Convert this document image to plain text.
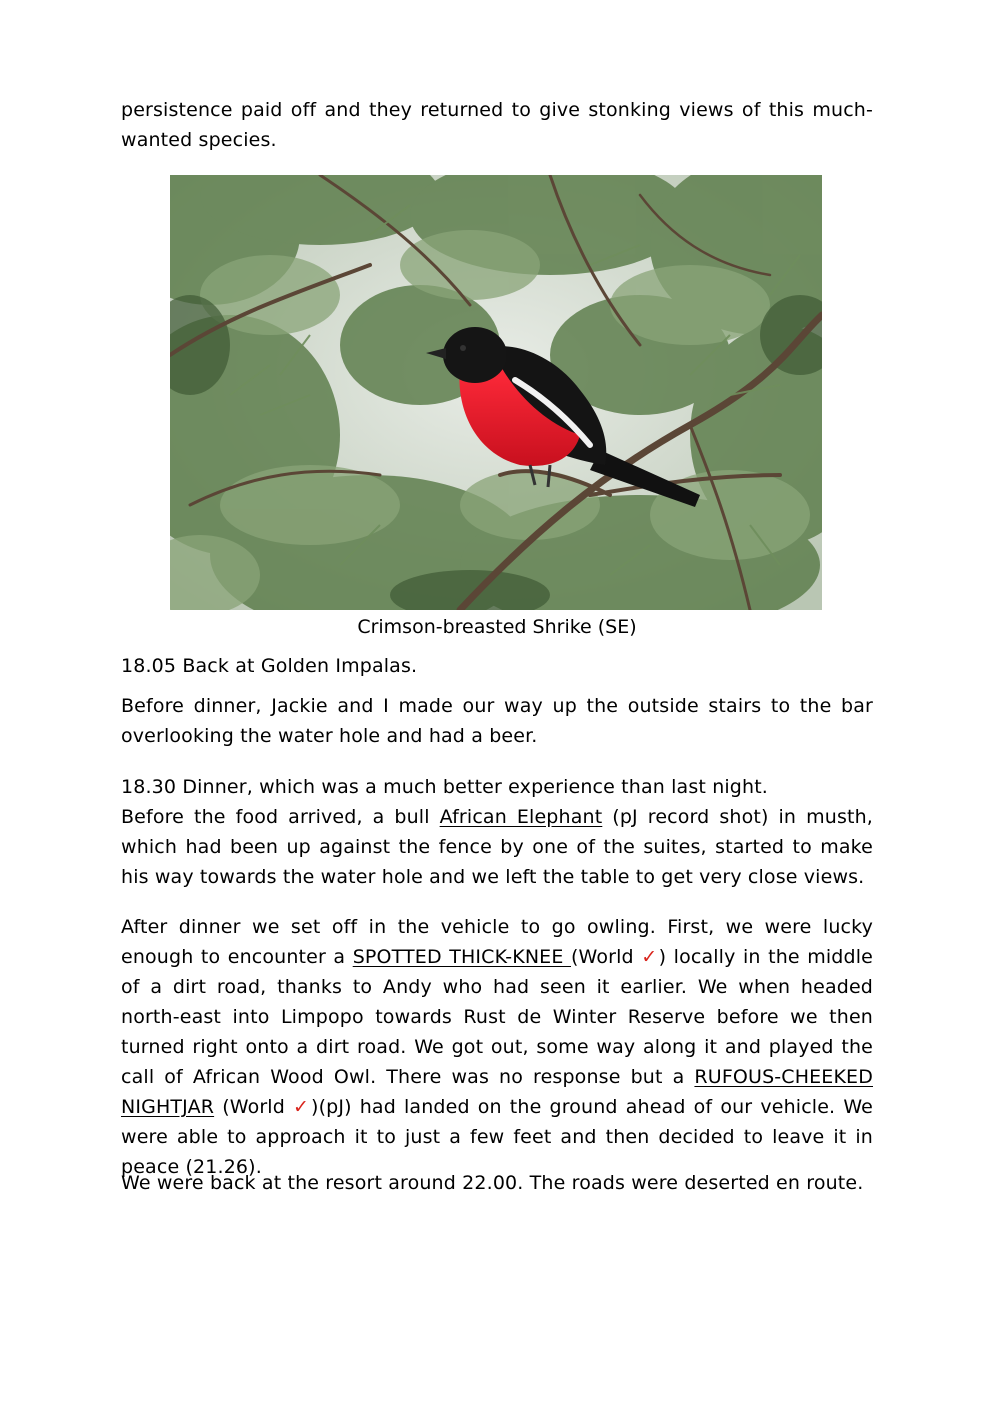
persistence paid off and they returned to give stonking views of this much-wanted species.

Crimson-breasted Shrike (SE)

18.05 Back at Golden Impalas.

Before dinner, Jackie and I made our way up the outside stairs to the bar overlooking the water hole and had a beer.

18.30 Dinner, which was a much better experience than last night.

Before the food arrived, a bull African Elephant (pJ record shot) in musth, which had been up against the fence by one of the suites, started to make his way towards the water hole and we left the table to get very close views.

After dinner we set off in the vehicle to go owling. First, we were lucky enough to encounter a SPOTTED THICK-KNEE (World ✓) locally in the middle of a dirt road, thanks to Andy who had seen it earlier. We when headed north-east into Limpopo towards Rust de Winter Reserve before we then turned right onto a dirt road. We got out, some way along it and played the call of African Wood Owl. There was no response but a RUFOUS-CHEEKED NIGHTJAR (World ✓)(pJ) had landed on the ground ahead of our vehicle. We were able to approach it to just a few feet and then decided to leave it in peace (21.26).

We were back at the resort around 22.00. The roads were deserted en route.
